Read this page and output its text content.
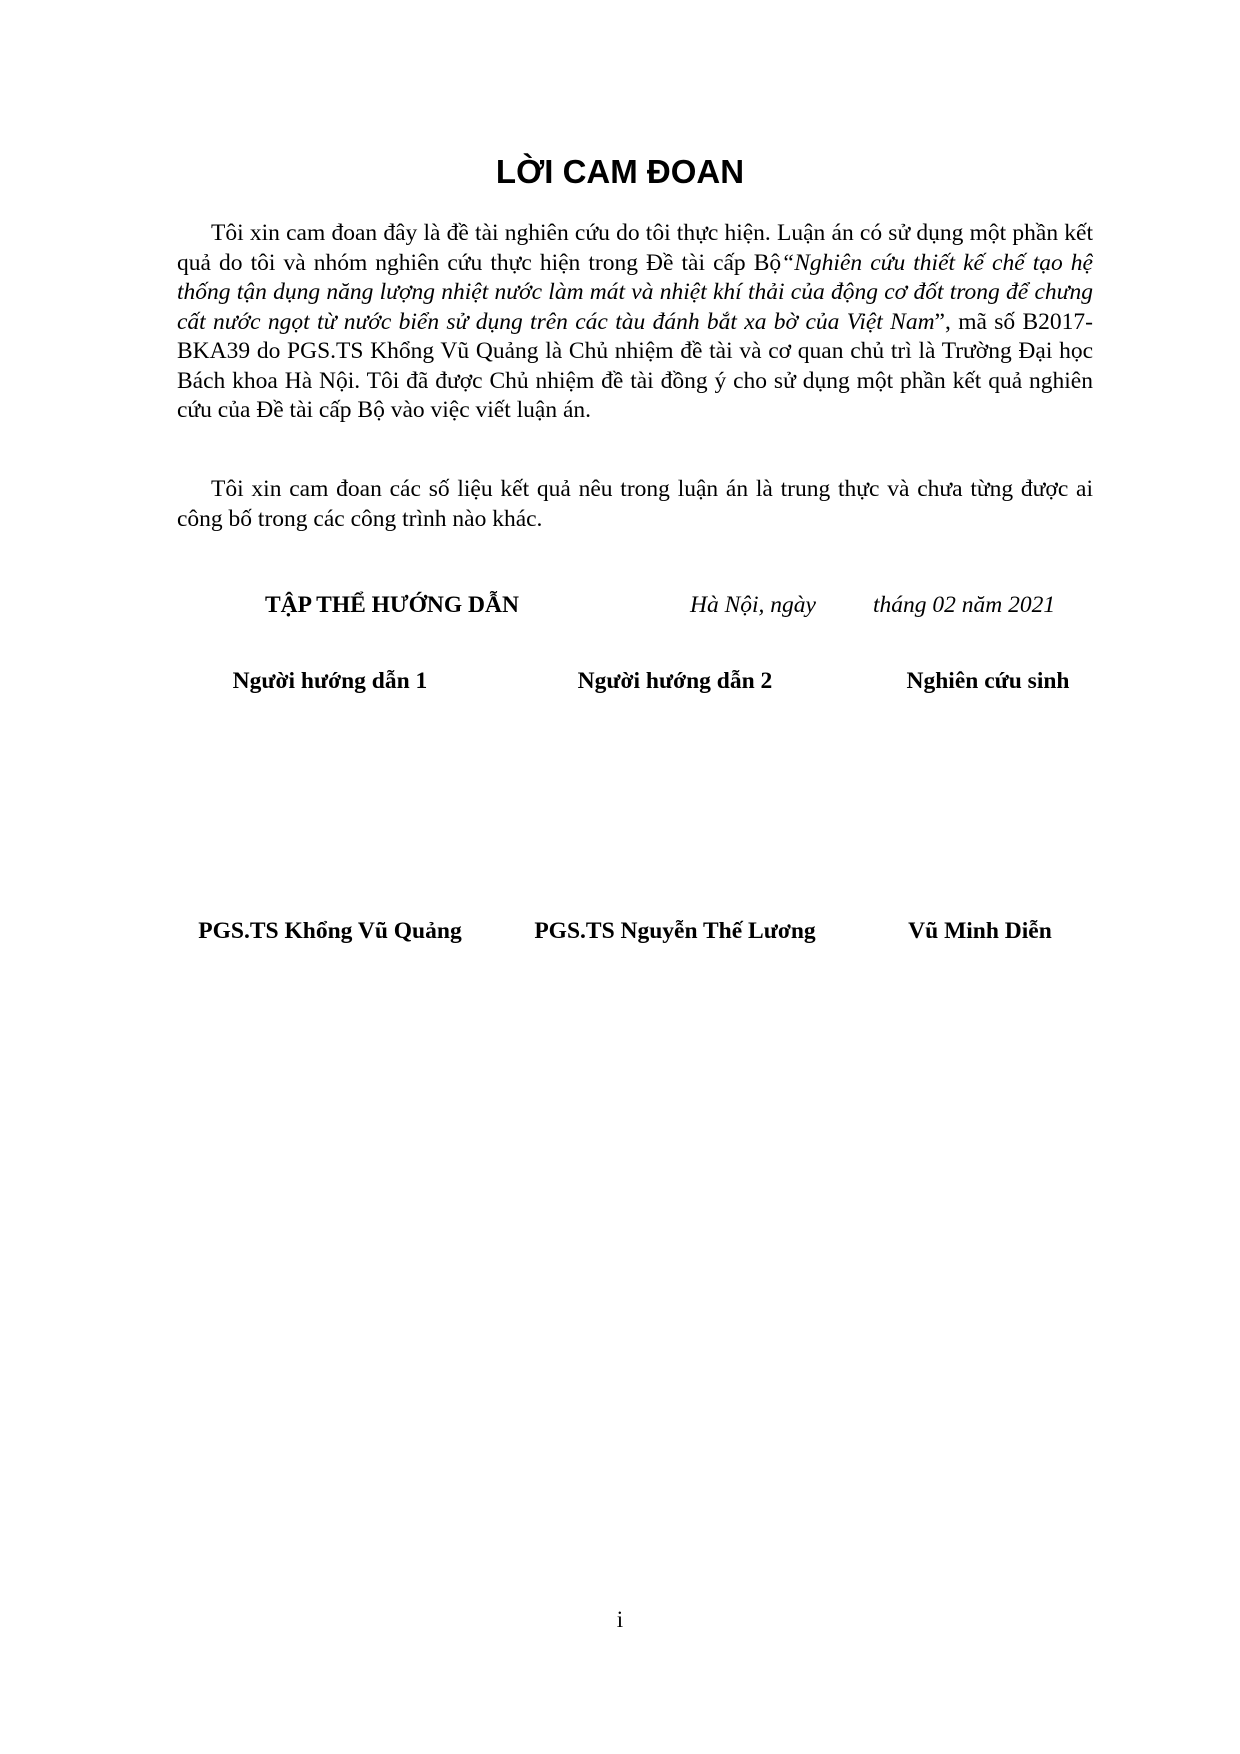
LỜI CAM ĐOAN

Tôi xin cam đoan đây là đề tài nghiên cứu do tôi thực hiện. Luận án có sử dụng một phần kết quả do tôi và nhóm nghiên cứu thực hiện trong Đề tài cấp Bộ“Nghiên cứu thiết kế chế tạo hệ thống tận dụng năng lượng nhiệt nước làm mát và nhiệt khí thải của động cơ đốt trong để chưng cất nước ngọt từ nước biển sử dụng trên các tàu đánh bắt xa bờ của Việt Nam”, mã số B2017-BKA39 do PGS.TS Khổng Vũ Quảng là Chủ nhiệm đề tài và cơ quan chủ trì là Trường Đại học Bách khoa Hà Nội. Tôi đã được Chủ nhiệm đề tài đồng ý cho sử dụng một phần kết quả nghiên cứu của Đề tài cấp Bộ vào việc viết luận án.

Tôi xin cam đoan các số liệu kết quả nêu trong luận án là trung thực và chưa từng được ai công bố trong các công trình nào khác.

TẬP THỂ HƯỚNG DẪN	Hà Nội, ngày tháng 02 năm 2021
Người hướng dẫn 1	Người hướng dẫn 2	Nghiên cứu sinh
PGS.TS Khổng Vũ Quảng	PGS.TS Nguyễn Thế Lương	Vũ Minh Diễn
i
